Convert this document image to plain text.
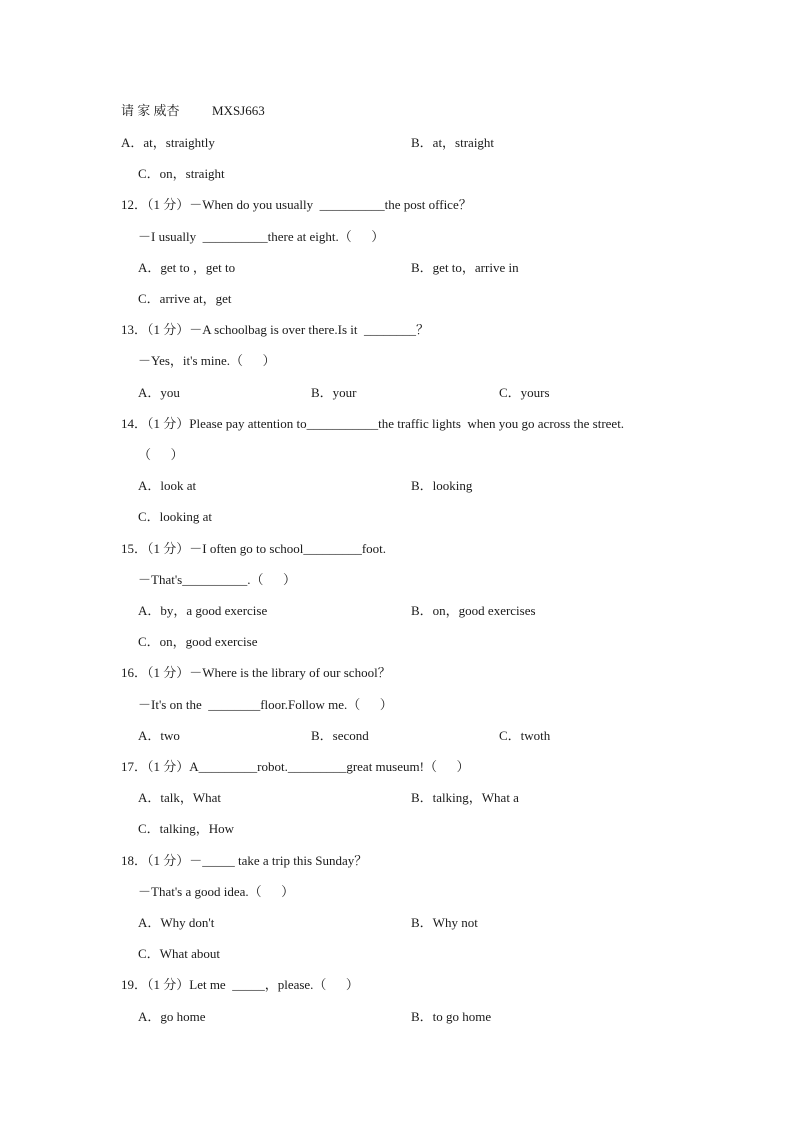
请 家 威杏          MXSJ663
A．at，straightly	B．at，straight
C．on，straight
12．（1 分）－When do you usually  __________the post office？
－I usually  __________there at eight.（      ）
A．get to ，get to	B．get to，arrive in
C．arrive at，get
13．（1 分）－A schoolbag is over there.Is it  ________？
－Yes，it's mine.（      ）
A．you	B．your	C．yours
14．（1 分）Please pay attention to___________the traffic lights  when you go across the street.
（      ）
A．look at	B．looking
C．looking at
15．（1 分）－I often go to school_________foot.
－That's__________.（      ）
A．by，a good exercise	B．on，good exercises
C．on，good exercise
16．（1 分）－Where is the library of our school？
－It's on the  ________floor.Follow me.（      ）
A．two	B．second	C．twoth
17．（1 分）A_________robot._________great museum!（      ）
A．talk，What	B．talking，What a
C．talking，How
18．（1 分）－_____ take a trip this Sunday？
－That's a good idea.（      ）
A．Why don't	B．Why not
C．What about
19．（1 分）Let me  _____，please.（      ）
A．go home	B．to go home
